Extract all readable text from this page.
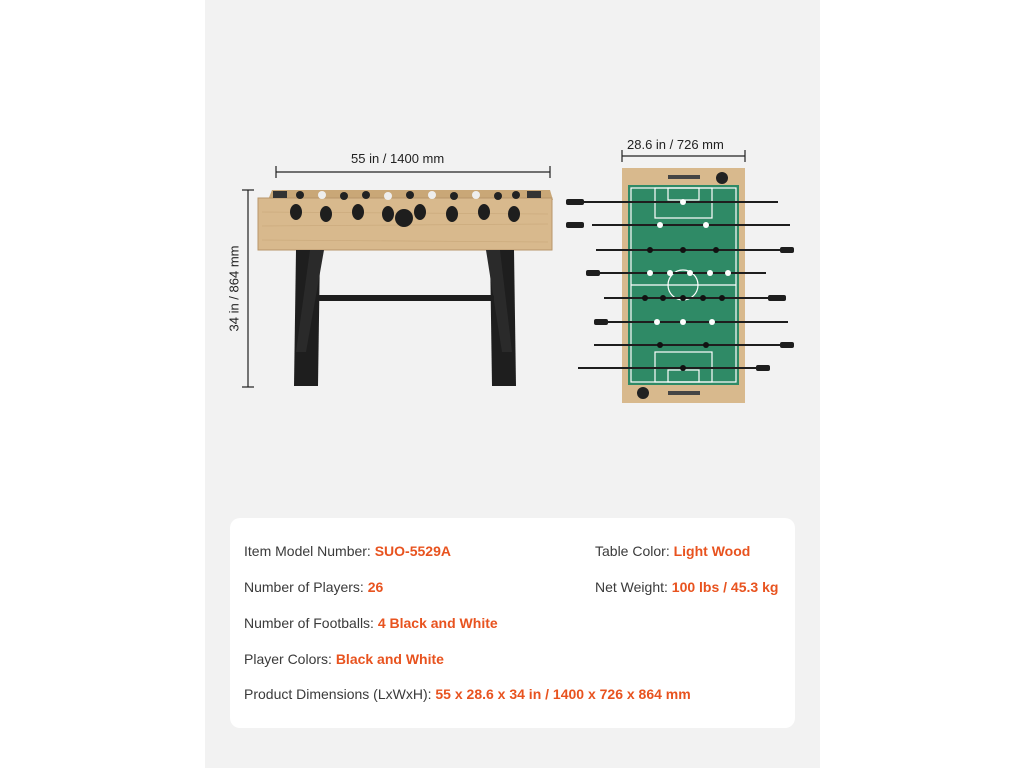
55 in / 1400 mm
28.6 in / 726 mm
34 in / 864 mm
Item Model Number: SUO-5529A
Number of Players: 26
Number of Footballs: 4 Black and White
Player Colors: Black and White
Product Dimensions (LxWxH): 55 x 28.6 x 34 in / 1400 x 726 x 864 mm
Table Color: Light Wood
Net Weight: 100 lbs / 45.3 kg
